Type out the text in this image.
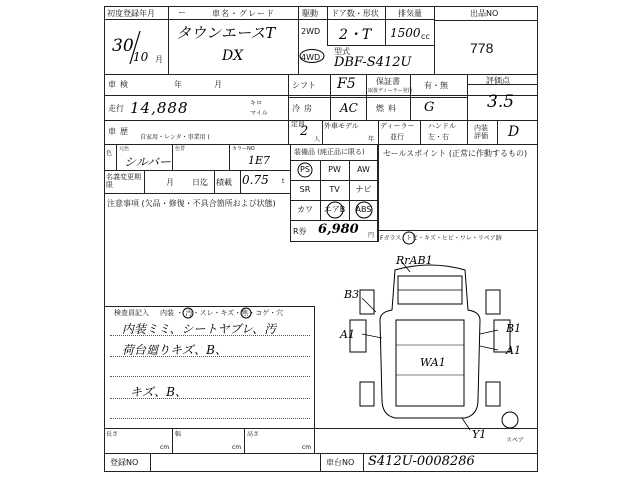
初度登録年月
30
10 月
ー	車名・グレード
タウンエースT
DX
駆動
2WD
4WD
ドア数・形状
2・T
排気量
1500 cc
型式
DBF-S412U
出品NO
778
車検	年	月
走行 14,888	キロ
マイル
シフト F5	保証書
取扱ディーラー発行
有・無
冷房 AC 燃料 G
評価点
3.5
車歴
自家用・レンタ・事業用 (
定員
2
人
外車モデル
年
ディーラー
並行
ハンドル
左・右
内装評価 D
色
元色
シルバー
色替	カラーNO
1E7
名義変更期限	月 日迄 積載 0.75 t
装備品 (純正品に限る)
PS	PW	AW
SR	TV	ナビ
カワ	エアB	ABS
R券 6,980 円 Fガラス トビ・キズ・ヒビ・ワレ・リペア跡
セールスポイント (正常に作動するもの)
注意事項 (欠品・修復・不具合箇所および状態)
検査員記入 内装 ・ 汚・スレ・キズ・焦・コゲ・穴
内装ミミ、シートヤブレ、汚
荷台廻りキズ、B、
キズ、B、
RrAB1
B3
A1	B1
A1
WA1
Y1	スペア
長さ
cm
幅
cm
高さ
cm
登録NO	車台NO S412U-0008286
